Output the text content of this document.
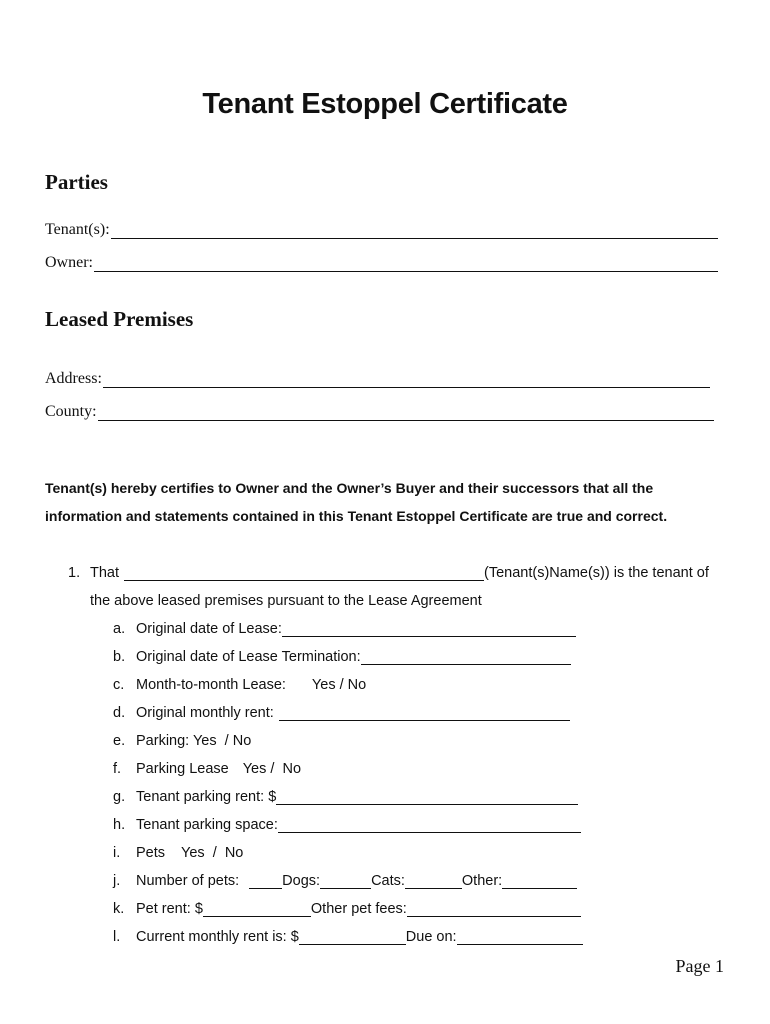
Tenant Estoppel Certificate
Parties
Tenant(s):
Owner:
Leased Premises
Address:
County:
Tenant(s) hereby certifies to Owner and the Owner’s Buyer and their successors that all the
information and statements contained in this Tenant Estoppel Certificate are true and correct.
1. That	(Tenant(s)Name(s)) is the tenant of
the above leased premises pursuant to the Lease Agreement
a. Original date of Lease:
b. Original date of Lease Termination:
c. Month-to-month Lease: Yes / No
d. Original monthly rent:
e. Parking: Yes  / No
f.	Parking Lease Yes /  No
g. Tenant parking rent: $
h. Tenant parking space:
i.	Pets Yes  /  No
j.	Number of pets:	Dogs:	Cats:	Other:
k. Pet rent: $	Other pet fees:
l.	Current monthly rent is: $	Due on:
Page 1
